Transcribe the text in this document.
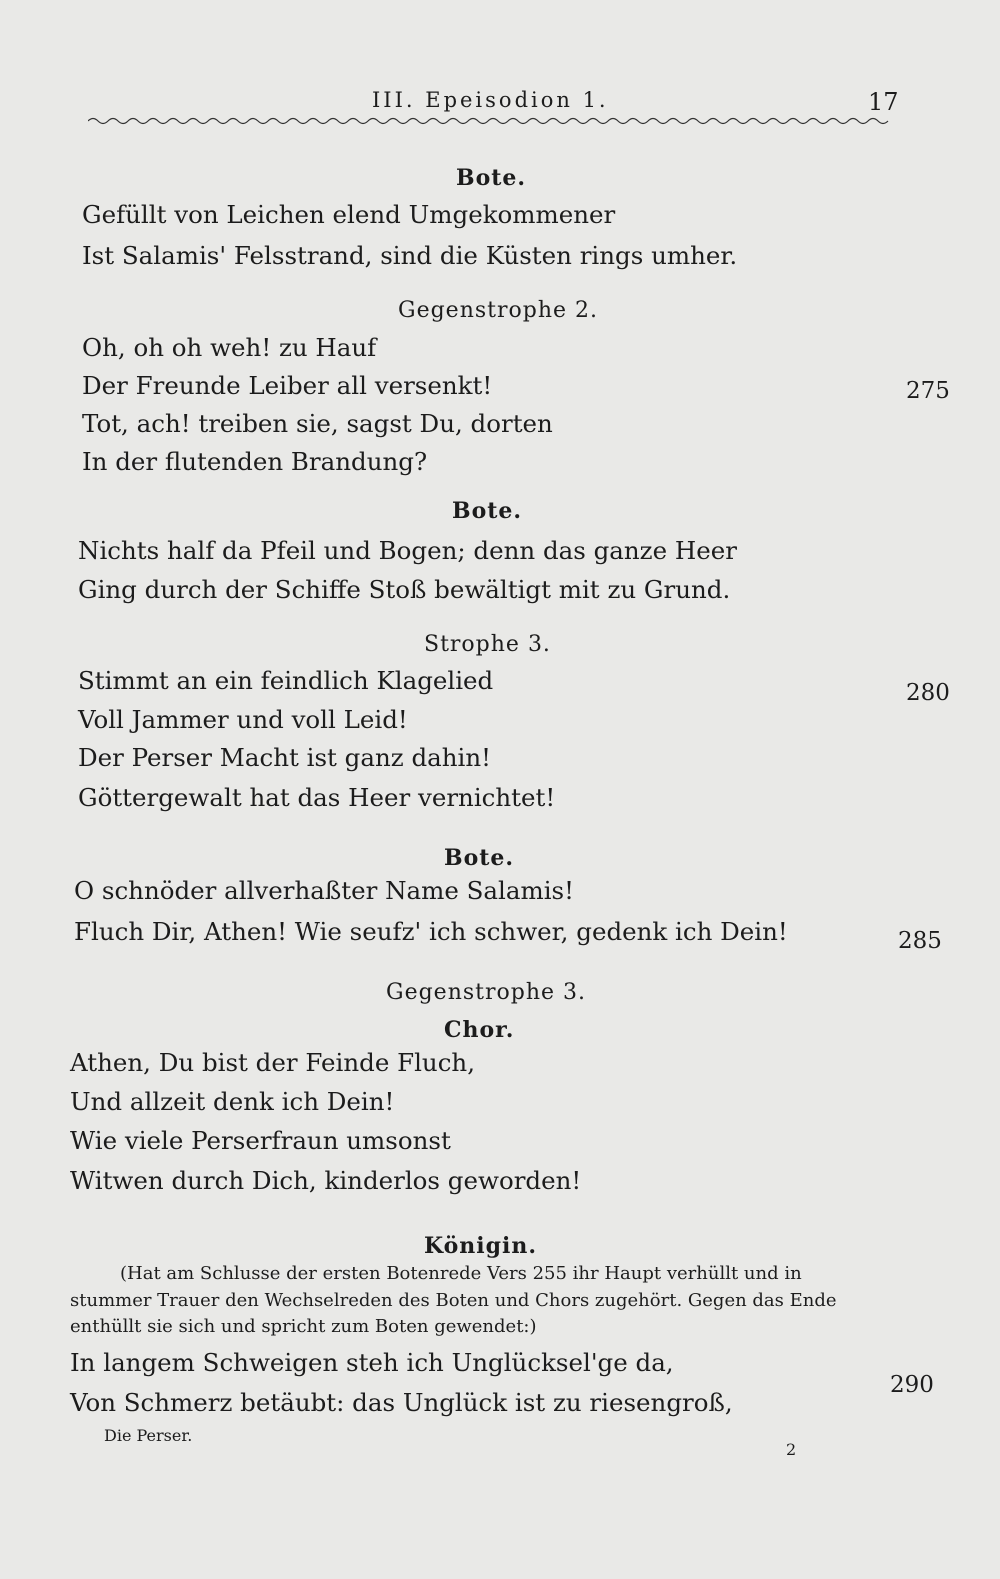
III. Epeisodion 1.	17
Bote.
Gefüllt von Leichen elend Umgekommener
Ist Salamis' Felsstrand, sind die Küsten rings umher.
Gegenstrophe 2.
Oh, oh oh weh! zu Hauf
Der Freunde Leiber all versenkt!	275
Tot, ach! treiben sie, sagst Du, dorten
In der flutenden Brandung?
Bote.
Nichts half da Pfeil und Bogen; denn das ganze Heer
Ging durch der Schiffe Stoß bewältigt mit zu Grund.
Strophe 3.
Stimmt an ein feindlich Klagelied	280
Voll Jammer und voll Leid!
Der Perser Macht ist ganz dahin!
Göttergewalt hat das Heer vernichtet!
Bote.
O schnöder allverhaßter Name Salamis!
Fluch Dir, Athen! Wie seufz' ich schwer, gedenk ich Dein!	285
Gegenstrophe 3.
Chor.
Athen, Du bist der Feinde Fluch,
Und allzeit denk ich Dein!
Wie viele Perserfraun umsonst
Witwen durch Dich, kinderlos geworden!
Königin.
(Hat am Schlusse der ersten Botenrede Vers 255 ihr Haupt verhüllt und in
stummer Trauer den Wechselreden des Boten und Chors zugehört. Gegen das Ende
enthüllt sie sich und spricht zum Boten gewendet:)
In langem Schweigen steh ich Unglücksel'ge da,
290
Von Schmerz betäubt: das Unglück ist zu riesengroß,
Die Perser.
2
